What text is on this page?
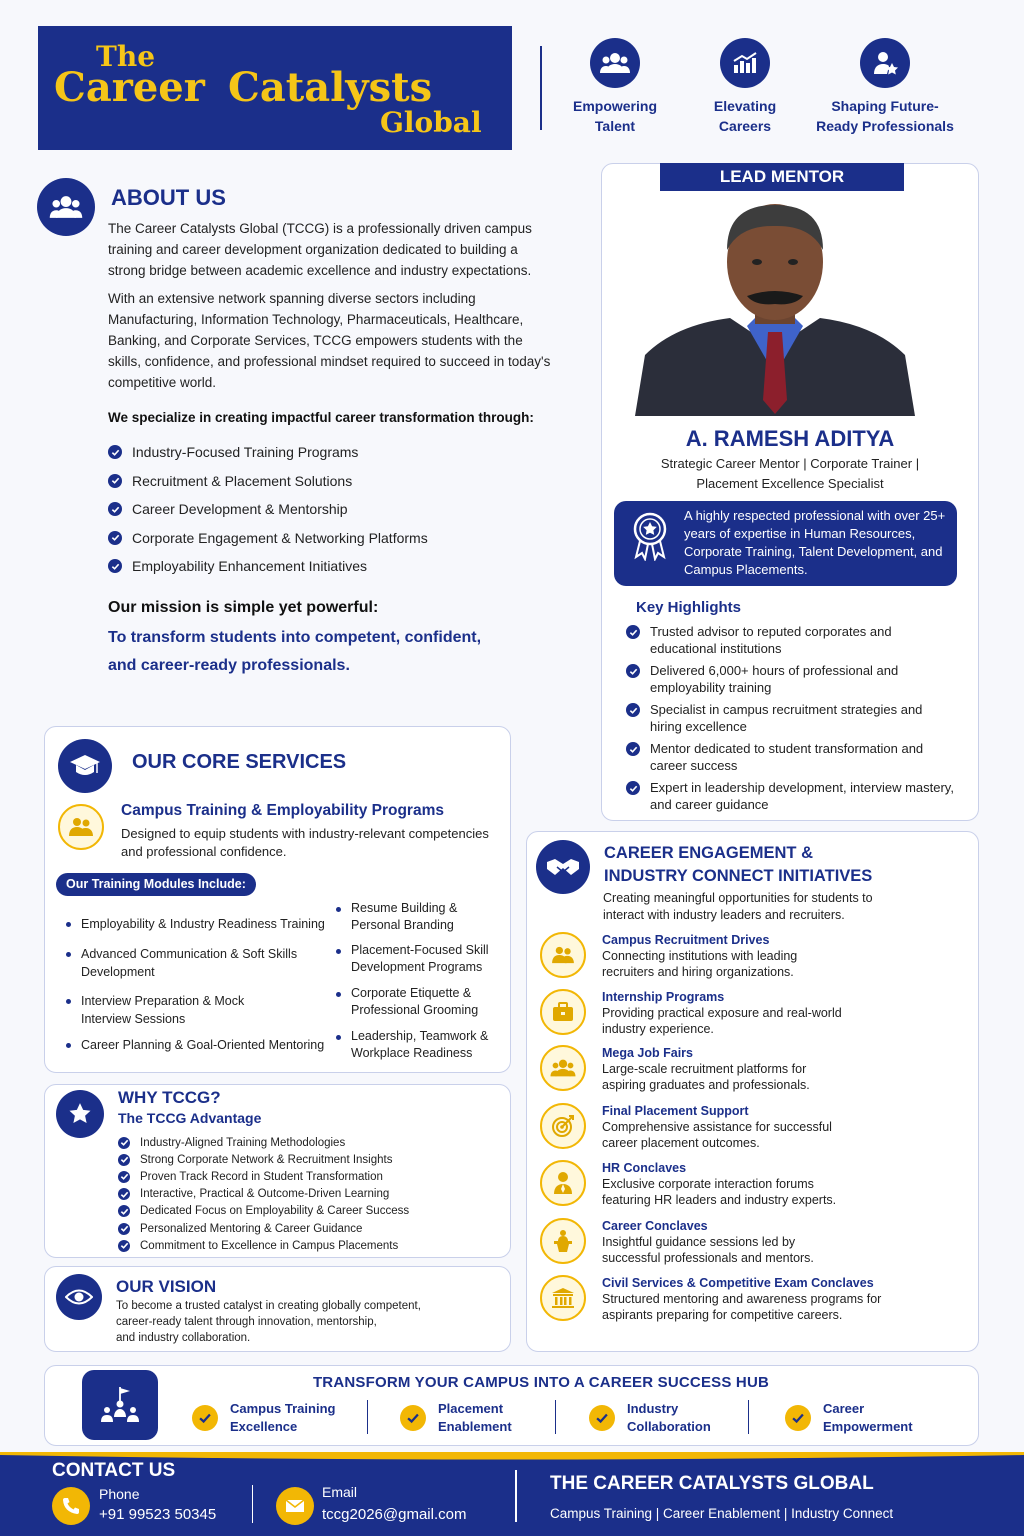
The
Career Catalysts
Global	Empowering
Talent
Elevating
Careers
Shaping Future-
Ready Professionals
ABOUT US
The Career Catalysts Global (TCCG) is a professionally driven campus training and career development organization dedicated to building a strong bridge between academic excellence and industry expectations.
With an extensive network spanning diverse sectors including Manufacturing, Information Technology, Pharmaceuticals, Healthcare, Banking, and Corporate Services, TCCG empowers students with the skills, confidence, and professional mindset required to succeed in today's competitive world.
We specialize in creating impactful career transformation through:
Industry-Focused Training Programs
Recruitment & Placement Solutions
Career Development & Mentorship
Corporate Engagement & Networking Platforms
Employability Enhancement Initiatives
Our mission is simple yet powerful:
To transform students into competent, confident,
and career-ready professionals.
LEAD MENTOR
A. RAMESH ADITYA
Strategic Career Mentor | Corporate Trainer |
Placement Excellence Specialist
A highly respected professional with over 25+ years of expertise in Human Resources, Corporate Training, Talent Development, and Campus Placements.
Key Highlights
Trusted advisor to reputed corporates and educational institutions
Delivered 6,000+ hours of professional and employability training
Specialist in campus recruitment strategies and hiring excellence
Mentor dedicated to student transformation and career success
Expert in leadership development, interview mastery, and career guidance
OUR CORE SERVICES
Campus Training & Employability Programs
Designed to equip students with industry-relevant competencies and professional confidence.
Our Training Modules Include:
Employability & Industry Readiness Training
Advanced Communication & Soft Skills Development
Interview Preparation & Mock Interview Sessions
Career Planning & Goal-Oriented Mentoring
Resume Building & Personal Branding
Placement-Focused Skill Development Programs
Corporate Etiquette & Professional Grooming
Leadership, Teamwork & Workplace Readiness
WHY TCCG?
The TCCG Advantage
Industry-Aligned Training Methodologies
Strong Corporate Network & Recruitment Insights
Proven Track Record in Student Transformation
Interactive, Practical & Outcome-Driven Learning
Dedicated Focus on Employability & Career Success
Personalized Mentoring & Career Guidance
Commitment to Excellence in Campus Placements
OUR VISION
To become a trusted catalyst in creating globally competent,
career-ready talent through innovation, mentorship,
and industry collaboration.
CAREER ENGAGEMENT &
INDUSTRY CONNECT INITIATIVES
Creating meaningful opportunities for students to interact with industry leaders and recruiters.
Campus Recruitment Drives
Connecting institutions with leading recruiters and hiring organizations.
Internship Programs
Providing practical exposure and real-world industry experience.
Mega Job Fairs
Large-scale recruitment platforms for aspiring graduates and professionals.
Final Placement Support
Comprehensive assistance for successful career placement outcomes.
HR Conclaves
Exclusive corporate interaction forums featuring HR leaders and industry experts.
Career Conclaves
Insightful guidance sessions led by successful professionals and mentors.
Civil Services & Competitive Exam Conclaves
Structured mentoring and awareness programs for aspirants preparing for competitive careers.
TRANSFORM YOUR CAMPUS INTO A CAREER SUCCESS HUB
Campus Training
Excellence
Placement
Enablement
Industry
Collaboration
Career
Empowerment
CONTACT US
Phone
+91 99523 50345
Email
tccg2026@gmail.com
THE CAREER CATALYSTS GLOBAL
Campus Training | Career Enablement | Industry Connect
